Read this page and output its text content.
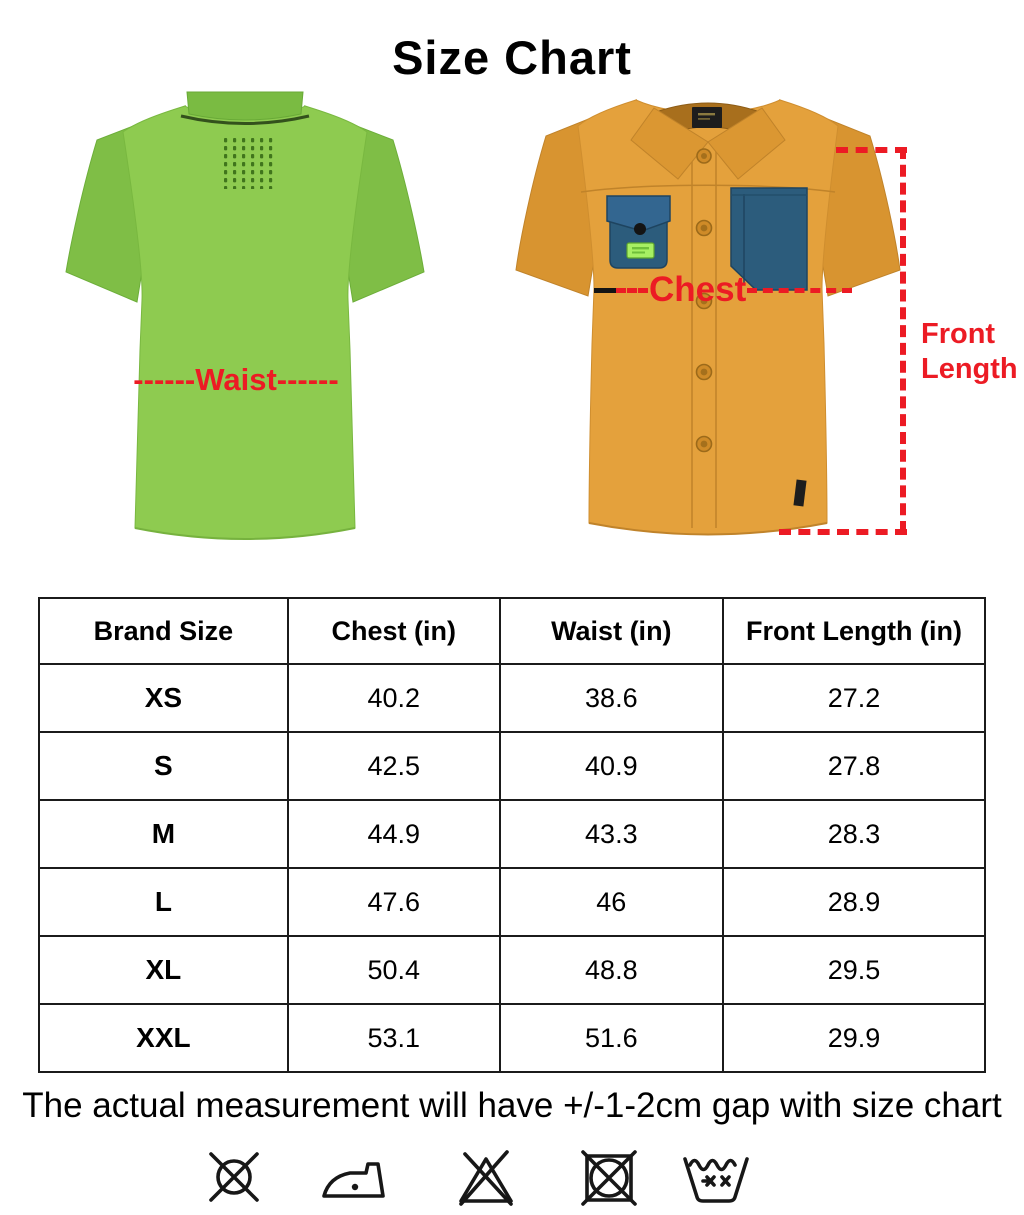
Size Chart
------Waist------
Chest
Front Length
Brand Size	Chest (in)	Waist (in)	Front Length (in)
XS	40.2	38.6	27.2
S	42.5	40.9	27.8
M	44.9	43.3	28.3
L	47.6	46	28.9
XL	50.4	48.8	29.5
XXL	53.1	51.6	29.9
The actual measurement will have +/-1-2cm gap with size chart
